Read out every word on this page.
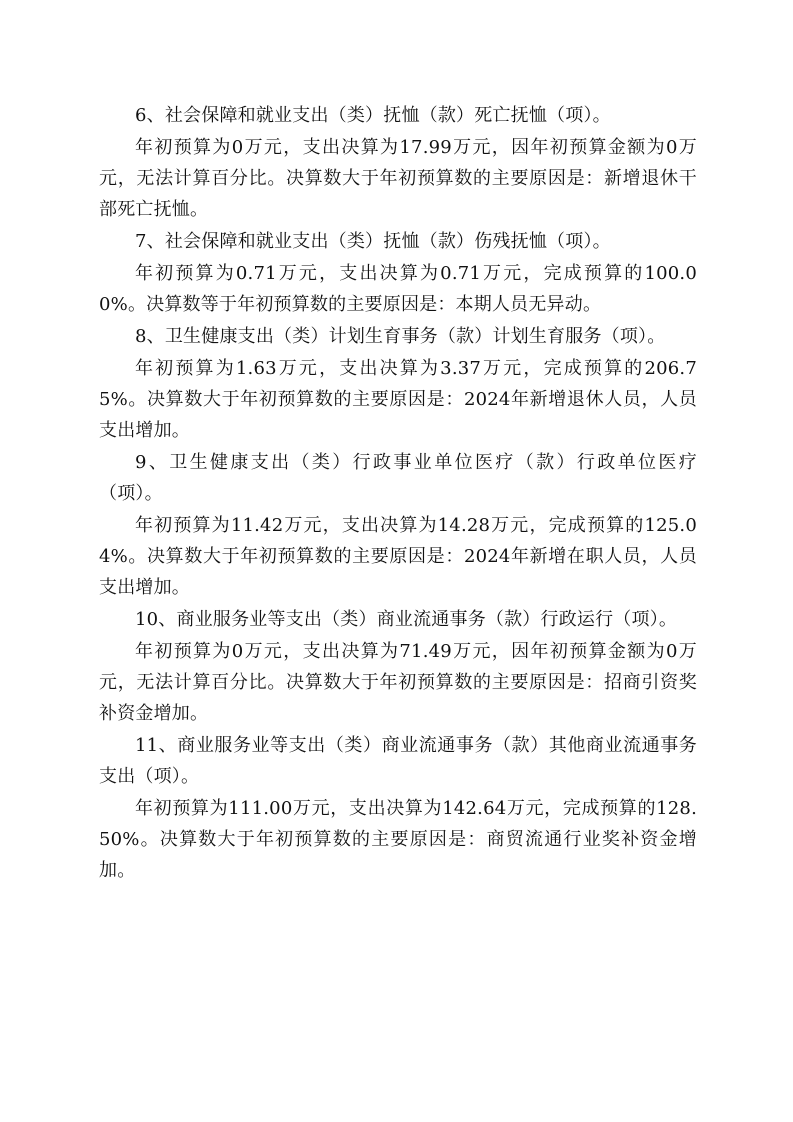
6、社会保障和就业支出（类）抚恤（款）死亡抚恤（项）。

年初预算为0万元，支出决算为17.99万元，因年初预算金额为0万元，无法计算百分比。决算数大于年初预算数的主要原因是：新增退休干部死亡抚恤。

7、社会保障和就业支出（类）抚恤（款）伤残抚恤（项）。

年初预算为0.71万元，支出决算为0.71万元，完成预算的100.00%。决算数等于年初预算数的主要原因是：本期人员无异动。

8、卫生健康支出（类）计划生育事务（款）计划生育服务（项）。

年初预算为1.63万元，支出决算为3.37万元，完成预算的206.75%。决算数大于年初预算数的主要原因是：2024年新增退休人员，人员支出增加。

9、卫生健康支出（类）行政事业单位医疗（款）行政单位医疗（项）。

年初预算为11.42万元，支出决算为14.28万元，完成预算的125.04%。决算数大于年初预算数的主要原因是：2024年新增在职人员，人员支出增加。

10、商业服务业等支出（类）商业流通事务（款）行政运行（项）。

年初预算为0万元，支出决算为71.49万元，因年初预算金额为0万元，无法计算百分比。决算数大于年初预算数的主要原因是：招商引资奖补资金增加。

11、商业服务业等支出（类）商业流通事务（款）其他商业流通事务支出（项）。

年初预算为111.00万元，支出决算为142.64万元，完成预算的128.50%。决算数大于年初预算数的主要原因是：商贸流通行业奖补资金增加。
